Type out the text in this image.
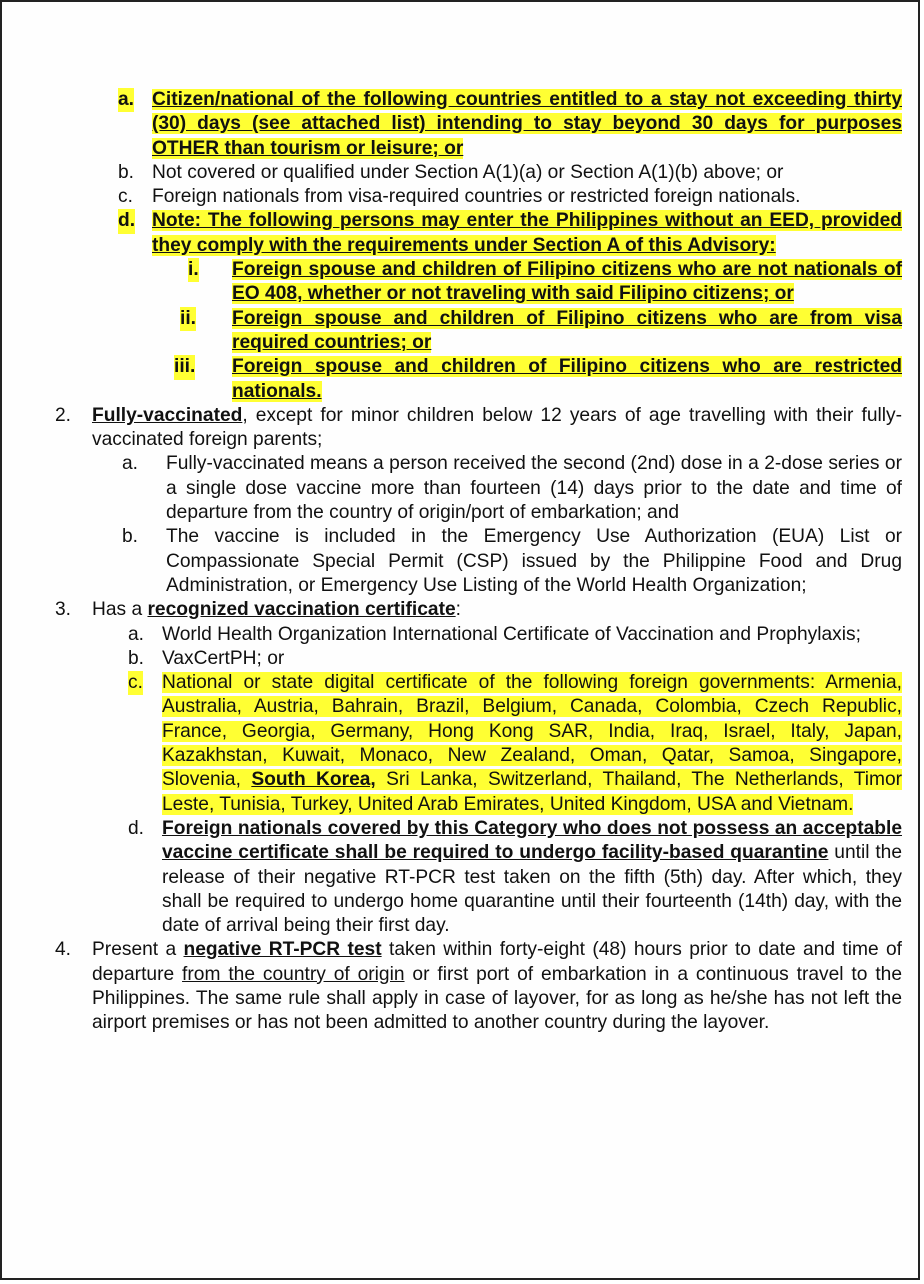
a. Citizen/national of the following countries entitled to a stay not exceeding thirty (30) days (see attached list) intending to stay beyond 30 days for purposes OTHER than tourism or leisure; or
b. Not covered or qualified under Section A(1)(a) or Section A(1)(b) above; or
c. Foreign nationals from visa-required countries or restricted foreign nationals.
d. Note: The following persons may enter the Philippines without an EED, provided they comply with the requirements under Section A of this Advisory:
i. Foreign spouse and children of Filipino citizens who are not nationals of EO 408, whether or not traveling with said Filipino citizens; or
ii. Foreign spouse and children of Filipino citizens who are from visa required countries; or
iii. Foreign spouse and children of Filipino citizens who are restricted nationals.
2. Fully-vaccinated, except for minor children below 12 years of age travelling with their fully-vaccinated foreign parents;
a. Fully-vaccinated means a person received the second (2nd) dose in a 2-dose series or a single dose vaccine more than fourteen (14) days prior to the date and time of departure from the country of origin/port of embarkation; and
b. The vaccine is included in the Emergency Use Authorization (EUA) List or Compassionate Special Permit (CSP) issued by the Philippine Food and Drug Administration, or Emergency Use Listing of the World Health Organization;
3. Has a recognized vaccination certificate:
a. World Health Organization International Certificate of Vaccination and Prophylaxis;
b. VaxCertPH; or
c. National or state digital certificate of the following foreign governments: Armenia, Australia, Austria, Bahrain, Brazil, Belgium, Canada, Colombia, Czech Republic, France, Georgia, Germany, Hong Kong SAR, India, Iraq, Israel, Italy, Japan, Kazakhstan, Kuwait, Monaco, New Zealand, Oman, Qatar, Samoa, Singapore, Slovenia, South Korea, Sri Lanka, Switzerland, Thailand, The Netherlands, Timor Leste, Tunisia, Turkey, United Arab Emirates, United Kingdom, USA and Vietnam.
d. Foreign nationals covered by this Category who does not possess an acceptable vaccine certificate shall be required to undergo facility-based quarantine until the release of their negative RT-PCR test taken on the fifth (5th) day. After which, they shall be required to undergo home quarantine until their fourteenth (14th) day, with the date of arrival being their first day.
4. Present a negative RT-PCR test taken within forty-eight (48) hours prior to date and time of departure from the country of origin or first port of embarkation in a continuous travel to the Philippines. The same rule shall apply in case of layover, for as long as he/she has not left the airport premises or has not been admitted to another country during the layover.
